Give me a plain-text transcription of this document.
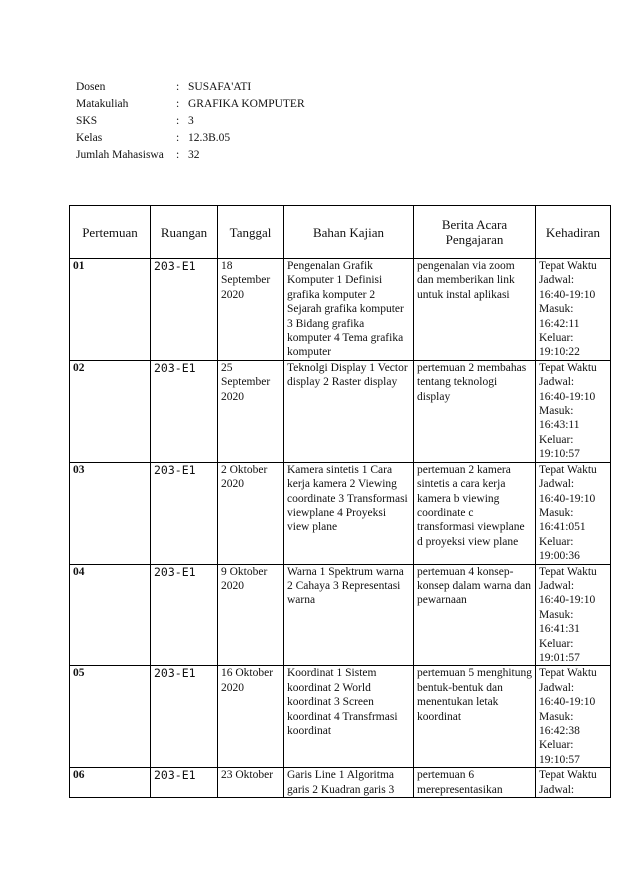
Dosen	: SUSAFA'ATI
Matakuliah	: GRAFIKA KOMPUTER
SKS	: 3
Kelas	: 12.3B.05
Jumlah Mahasiswa	: 32
Pertemuan	Ruangan	Tanggal	Bahan Kajian	Berita Acara Pengajaran	Kehadiran
01	203-E1	18 September 2020	Pengenalan Grafik Komputer 1 Definisi grafika komputer 2 Sejarah grafika komputer 3 Bidang grafika komputer 4 Tema grafika komputer	pengenalan via zoom dan memberikan link untuk instal aplikasi	Tepat Waktu Jadwal: 16:40-19:10 Masuk: 16:42:11 Keluar: 19:10:22
02	203-E1	25 September 2020	Teknolgi Display 1 Vector display 2 Raster display	pertemuan 2 membahas tentang teknologi display	Tepat Waktu Jadwal: 16:40-19:10 Masuk: 16:43:11 Keluar: 19:10:57
03	203-E1	2 Oktober 2020	Kamera sintetis 1 Cara kerja kamera 2 Viewing coordinate 3 Transformasi viewplane 4 Proyeksi view plane	pertemuan 2 kamera sintetis a cara kerja kamera b viewing coordinate c transformasi viewplane d proyeksi view plane	Tepat Waktu Jadwal: 16:40-19:10 Masuk: 16:41:051 Keluar: 19:00:36
04	203-E1	9 Oktober 2020	Warna 1 Spektrum warna 2 Cahaya 3 Representasi warna	pertemuan 4 konsep-konsep dalam warna dan pewarnaan	Tepat Waktu Jadwal: 16:40-19:10 Masuk: 16:41:31 Keluar: 19:01:57
05	203-E1	16 Oktober 2020	Koordinat 1 Sistem koordinat 2 World koordinat 3 Screen koordinat 4 Transfrmasi koordinat	pertemuan 5 menghitung bentuk-bentuk dan menentukan letak koordinat	Tepat Waktu Jadwal: 16:40-19:10 Masuk: 16:42:38 Keluar: 19:10:57
06	203-E1	23 Oktober	Garis Line 1 Algoritma garis 2 Kuadran garis 3	pertemuan 6 merepresentasikan	Tepat Waktu Jadwal:
